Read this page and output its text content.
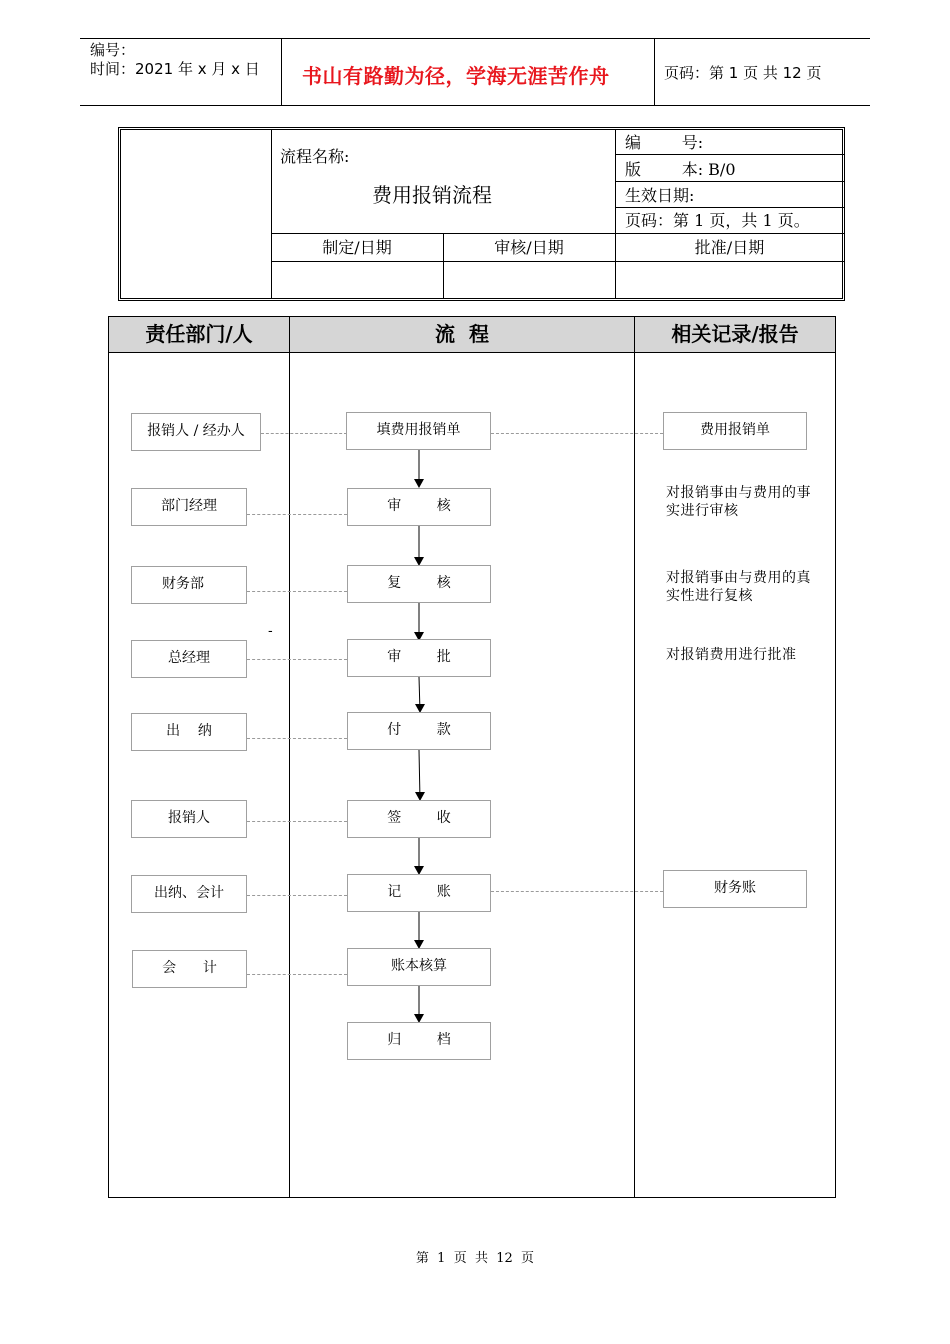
编号：
时间：2021 年 x 月 x 日 书山有路勤为径，学海无涯苦作舟	页码：第 1 页 共 12 页
流程名称:
费用报销流程
编        号:
版        本: B/0
生效日期:
页码：第 1 页，共 1 页。
制定/日期	审核/日期	批准/日期
责任部门/人	流  程	相关记录/报告
报销人 / 经办人
部门经理
财务部
总经理
出    纳
报销人
出纳、会计
会      计
填费用报销单
审        核
复        核
审        批
付        款
签        收
记        账
账本核算
归        档
费用报销单
财务账
对报销事由与费用的事实进行审核
对报销事由与费用的真实性进行复核
对报销费用进行批准
-
第  1  页  共  12  页
